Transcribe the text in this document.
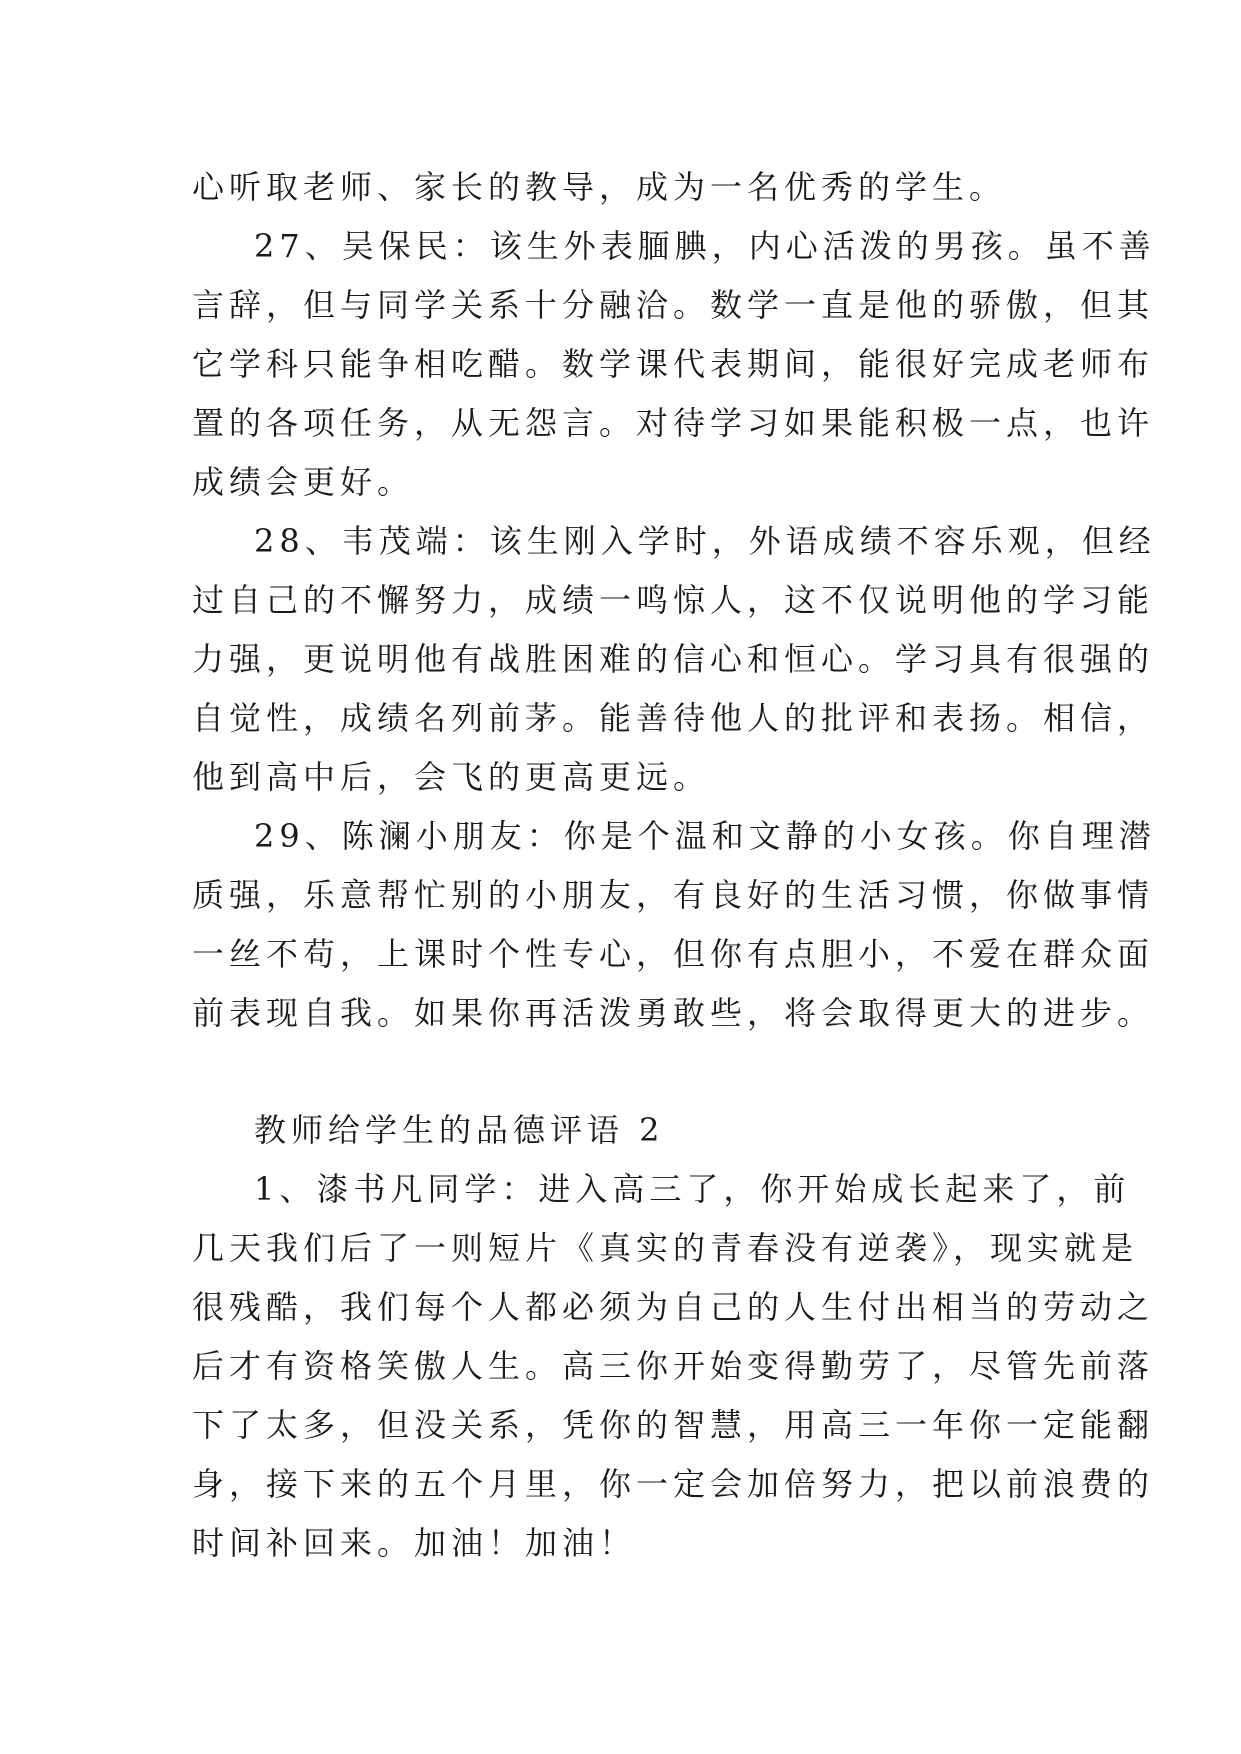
心听取老师、家长的教导，成为一名优秀的学生。
27、吴保民：该生外表腼腆，内心活泼的男孩。虽不善
言辞，但与同学关系十分融洽。数学一直是他的骄傲，但其
它学科只能争相吃醋。数学课代表期间，能很好完成老师布
置的各项任务，从无怨言。对待学习如果能积极一点，也许
成绩会更好。
28、韦茂端：该生刚入学时，外语成绩不容乐观，但经
过自己的不懈努力，成绩一鸣惊人，这不仅说明他的学习能
力强，更说明他有战胜困难的信心和恒心。学习具有很强的
自觉性，成绩名列前茅。能善待他人的批评和表扬。相信，
他到高中后，会飞的更高更远。
29、陈澜小朋友：你是个温和文静的小女孩。你自理潜
质强，乐意帮忙别的小朋友，有良好的生活习惯，你做事情
一丝不苟，上课时个性专心，但你有点胆小，不爱在群众面
前表现自我。如果你再活泼勇敢些，将会取得更大的进步。
教师给学生的品德评语 2
1、漆书凡同学：进入高三了，你开始成长起来了，前
几天我们后了一则短片《真实的青春没有逆袭》，现实就是
很残酷，我们每个人都必须为自己的人生付出相当的劳动之
后才有资格笑傲人生。高三你开始变得勤劳了，尽管先前落
下了太多，但没关系，凭你的智慧，用高三一年你一定能翻
身，接下来的五个月里，你一定会加倍努力，把以前浪费的
时间补回来。加油！加油！
